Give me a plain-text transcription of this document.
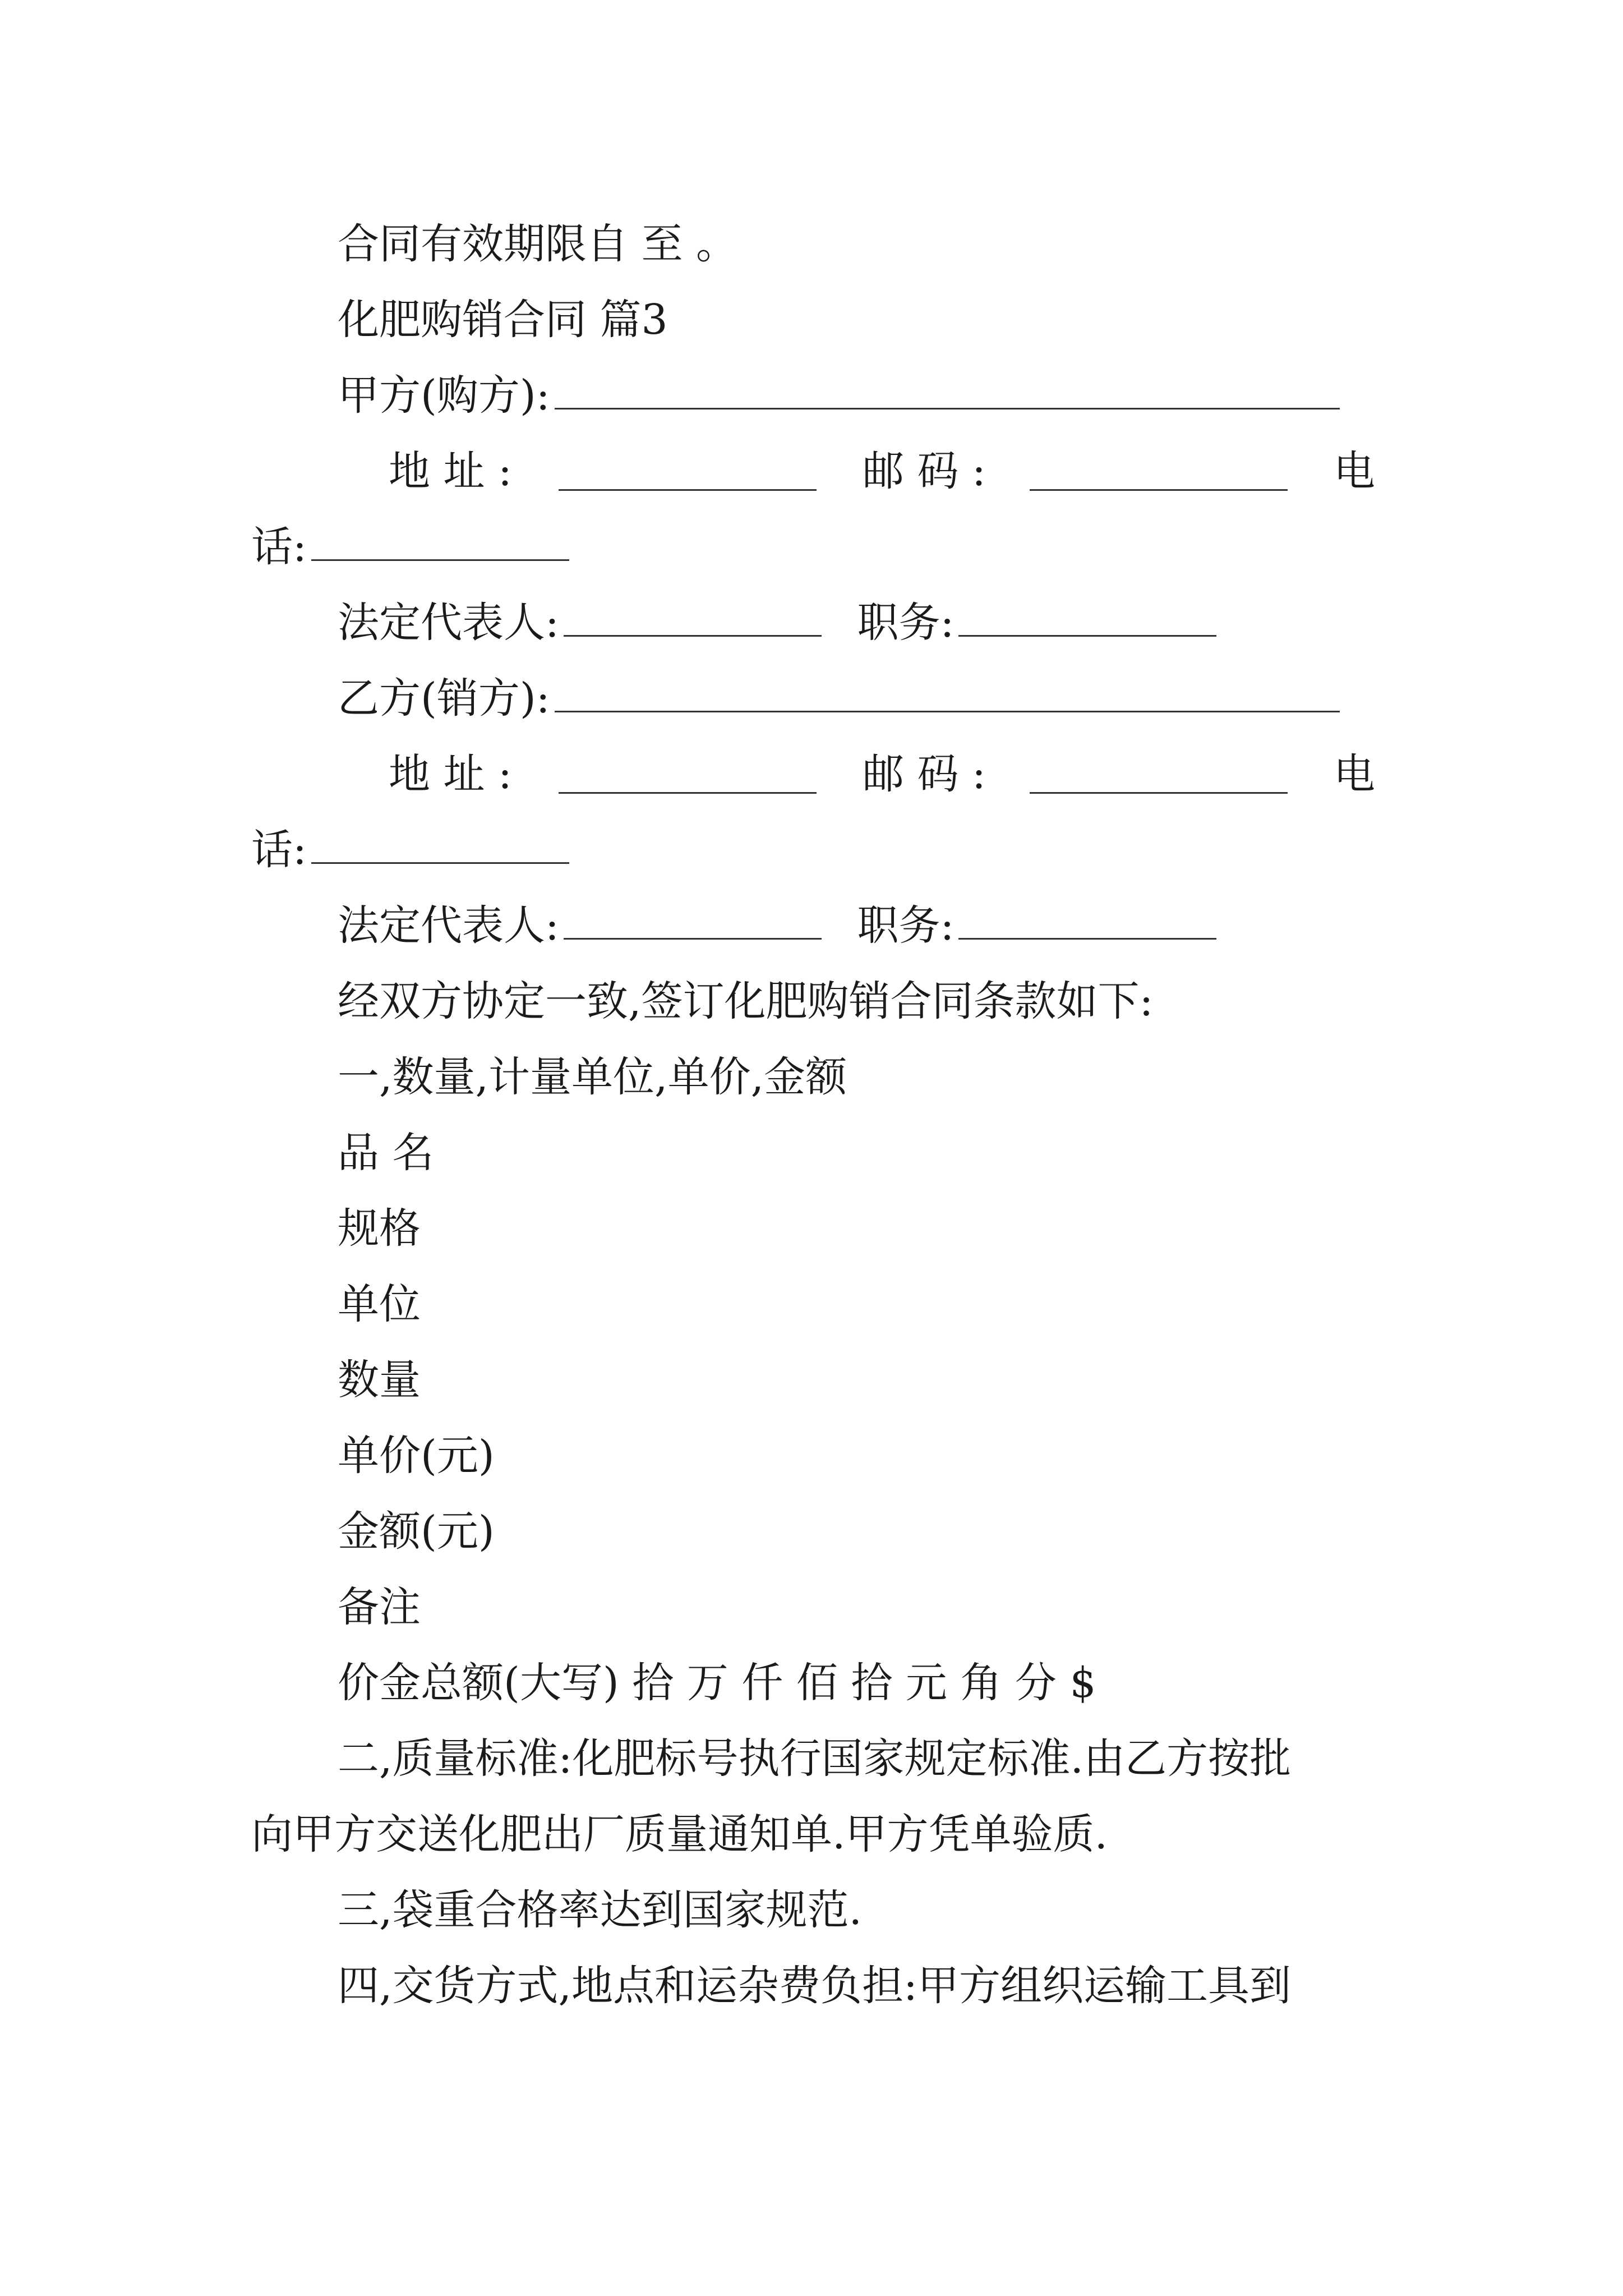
合同有效期限自 至 。
化肥购销合同 篇3
甲方(购方):
地 址 :	邮 码 :	电
话:
法定代表人:	职务:
乙方(销方):
地 址 :	邮 码 :	电
话:
法定代表人:	职务:
经双方协定一致,签订化肥购销合同条款如下:
一,数量,计量单位,单价,金额
品 名
规格
单位
数量
单价(元)
金额(元)
备注
价金总额(大写) 拾 万 仟 佰 拾 元 角 分 $
二,质量标准:化肥标号执行国家规定标准.由乙方按批
向甲方交送化肥出厂质量通知单.甲方凭单验质.
三,袋重合格率达到国家规范.
四,交货方式,地点和运杂费负担:甲方组织运输工具到
